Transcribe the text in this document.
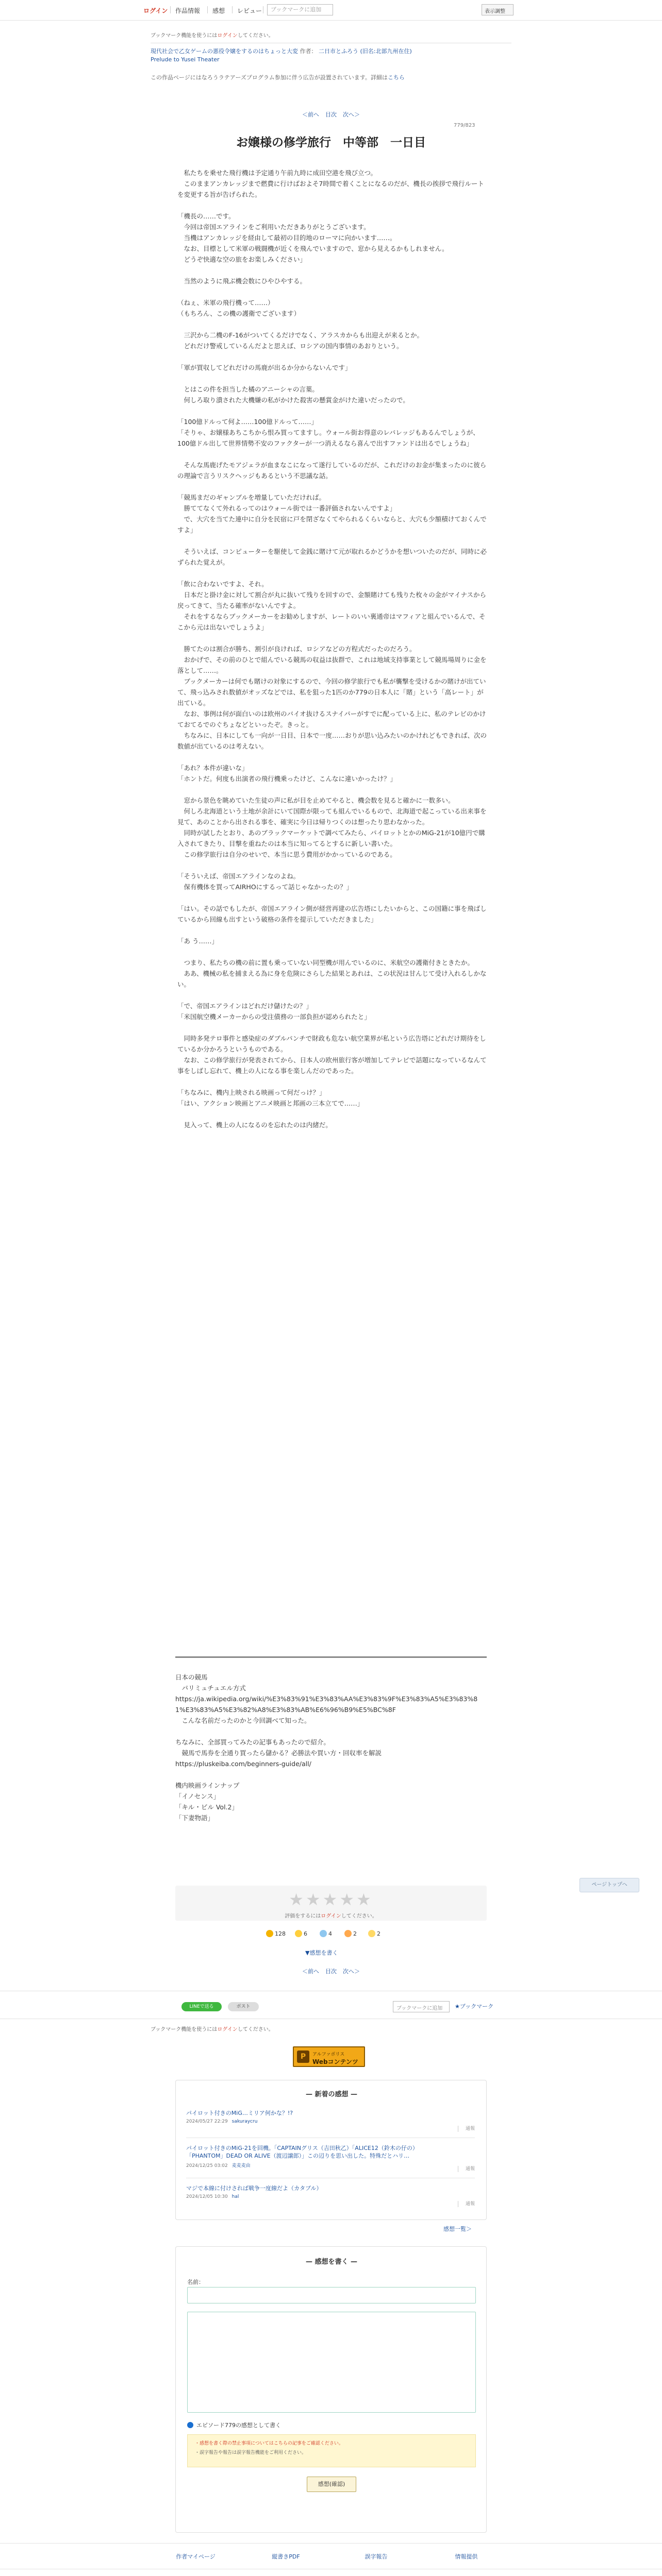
ログイン 作品情報 感想 レビュー
ブックマークに追加	表示調整
ブックマーク機能を使うにはログインしてください。
現代社会で乙女ゲームの悪役令嬢をするのはちょっと大変 作者： 二日市とふろう (旧名:北部九州在住)
Prelude to Yusei Theater
この作品ページにはなろうラテアーズプログラム参加に伴う広告が設置されています。詳細はこちら
＜前へ 目次 次へ＞
779/823
お嬢様の修学旅行　中等部　一日目

　私たちを乗せた飛行機は予定通り午前九時に成田空港を飛び立つ。

　このままアンカレッジまで燃費に行けばおよそ7時間で着くことになるのだが、機長の挨拶で飛行ルートを変更する旨が告げられた。

「機長の……です。

　今回は帝国エアラインをご利用いただきありがとうございます。

　当機はアンカレッジを経由して最初の目的地のローマに向かいます……。

　なお、目標として米軍の戦闘機が近くを飛んでいますので、窓から見えるかもしれません。

　どうぞ快適な空の旅をお楽しみください」

　当然のように飛ぶ機会数にひやひやする。

（ねぇ、米軍の飛行機って……）

（もちろん、この機の護衛でございます）

　三沢から二機のF-16がついてくるだけでなく、アラスカからも出迎えが来るとか。

　どれだけ警戒しているんだよと思えば、ロシアの国内事情のあおりという。

「軍が買収してどれだけの馬鹿が出るか分からないんです」

　とはこの件を担当した橘のアニーシャの言葉。

　何しろ取り潰された大機嫌の私がかけた殺害の懸賞金がけた違いだったので。

「100億ドルって何よ……100億ドルって……」

「そりゃ、お嬢様あちこちから恨み買ってますし。ウォール街お得意のレバレッジもあるんでしょうが、100億ドル出して世界情勢不安のファクターが一つ消えるなら喜んで出すファンドは出るでしょうね」

　そんな馬鹿げたモアジェラが血まなこになって遂行しているのだが、これだけのお金が集まったのに彼らの理論で言うリスクヘッジもあるという不思議な話。

「競馬まだのギャンブルを増量していただければ。

　勝ててなくて外れるってのはウォール街では一番評価されないんですよ」

　で、大穴を当てた連中に自分を民宿に戸を閉ざなくてやられるくらいならと、大穴も少額積けておくんですよ」

　そういえば、コンピューターを駆使して金銭に賭けて元が取れるかどうかを想いついたのだが、同時に必ずられた覚えが。

「飲に合わないですよ、それ。

　日本だと掛け金に対して割合が丸に抜いて残りを回すので、金額賭けても残りた枚々の金がマイナスから戻ってきて、当たる確率がないんですよ。

　それをするならブックメーカーをお勧めしますが、レートのいい裏通帝はマフィアと組んでいるんで、そこから元は出ないでしょうよ」

　勝てたのは割合が勝ち、割引が良ければ、ロシアなどの方程式だったのだろう。

　おかげで、その前のひとで組んでいる競馬の収益は抜群で、これは地域支持事業として競馬場周りに金を落として……。

　ブックメーカーは何でも賭けの対象にするので、今回の修学旅行でも私が襲撃を受けるかの賭けが出ていて、飛っ込みされ数値がオッズなどでは、私を狙った1匹のか779の日本人に「賭」という「高レート」が出ている。

　なお、事例は何が面白いのは欧州のバイオ抜けるスナイパーがすでに配っている上に、私のテレビのかけておてるでのぐちょなどといったぞ。きっと。

　ちなみに、日本にしても一向が一日目、日本で一度……おりが思い込みたいのかけれどもできれば、次の数値が出ているのは考えない。

「あれ？本件が違いな」

「ホントだ。何度も出演者の飛行機乗ったけど、こんなに違いかったけ？」

　窓から景色を眺めていた生徒の声に私が目を止めてやると、機会数を見ると確かに一数多い。

　何しろ北海道という土地が余計にいて国際が限っても組んでいるもので、北海道で起こっている出来事を見て、あのことから出される事を、確実に今日は帰りつくのは想ったり思わなかった。

　同時が試したとおり、あのブラックマーケットで調べてみたら、パイロットとかのMiG-21が10億円で購入されてきたり、目撃を重ねたのは本当に知ってるとするに新しい書いた。

　この修学旅行は自分のせいで、本当に思う費用がかかっているのである。

「そういえば、帝国エアラインなのよね。

　保有機体を買ってAIRHOにするって話じゃなかったの？」

「はい。その話でもしたが、帝国エアライン側が経営再建の広告塔にしたいからと、この国籍に事を飛ばしているから回線も出すという破格の条件を提示していただきました」

「あ う……」

　つまり、私たちの機の前に置も乗っていない同型機が用んでいるのに、米航空の護衛付きときたか。

　ああ、機械の私を捕まえる為に身を危険にさらした結果とあれは、この状況は甘んじて受け入れるしかない。

「で、帝国エアラインはどれだけ儲けたの？」

「米国航空機メーカーからの受注債務の一部負担が認められたと」

　同時多発テロ事件と感染症のダブルパンチで財政も危ない航空業界が私という広告塔にどれだけ期待をしているか分かろうというものである。

　なお、この修学旅行が発表されてから、日本人の欧州旅行客が増加してテレビで話題になっているなんて事をしばし忘れて、機上の人になる事を楽しんだのであった。

「ちなみに、機内上映される映画って何だっけ？」

「はい、アクション映画とアニメ映画と邦画の三本立てで……」

　見入って、機上の人になるのを忘れたのは内緒だ。

日本の競馬

　パリミュチュエル方式

https://ja.wikipedia.org/wiki/%E3%83%91%E3%83%AA%E3%83%9F%E3%83%A5%E3%83%81%E3%83%A5%E3%82%A8%E3%83%AB%E6%96%B9%E5%BC%8F

　こんな名前だったのかと今回調べて知った。

ちなみに、全部買ってみたの記事もあったので紹介。

　競馬で馬券を全通り買ったら儲かる？必勝法や買い方・回収率を解説

https://pluskeiba.com/beginners-guide/all/

機内映画ラインナップ

「イノセンス」

「キル・ビル Vol.2」

「下妻物語」

★★★★★
評価をするにはログインしてください。
ページトップへ
128	6	4	2	2
▼感想を書く
＜前へ 目次 次へ＞
LINEで送る	ポスト	ブックマークに追加	★ブックマーク
ブックマーク機能を使うにはログインしてください。
P	アルファポリス
Webコンテンツ
— 新着の感想 —
パイロット付きのMiG…ミリア何かな？!?
2024/05/27 22:29 sakuraycru
通報
パイロット付きのMiG-21を回機。「CAPTAINグリス（吉田秋乙）「ALICE12（鈴木の仔の）「PHANTOM」DEAD OR ALIVE（渡辺譲郎）」この辺りを思い出した。特殊だとハリ…
2024/12/25 03:02 麦麦麦由
通報
マジで本線に付けされば戦争一度線だよ（カタブル）
2024/12/05 10:30 hal
通報
感想一覧＞
— 感想を書く —
名前：
エピソード779の感想として書く
・感想を書く際の禁止事項についてはこちらの記事をご確認ください。
・誤字報告や報告は誤字報告機能をご利用ください。
感想(確認)
作者マイページ	縦書きPDF	誤字報告	情報提供
